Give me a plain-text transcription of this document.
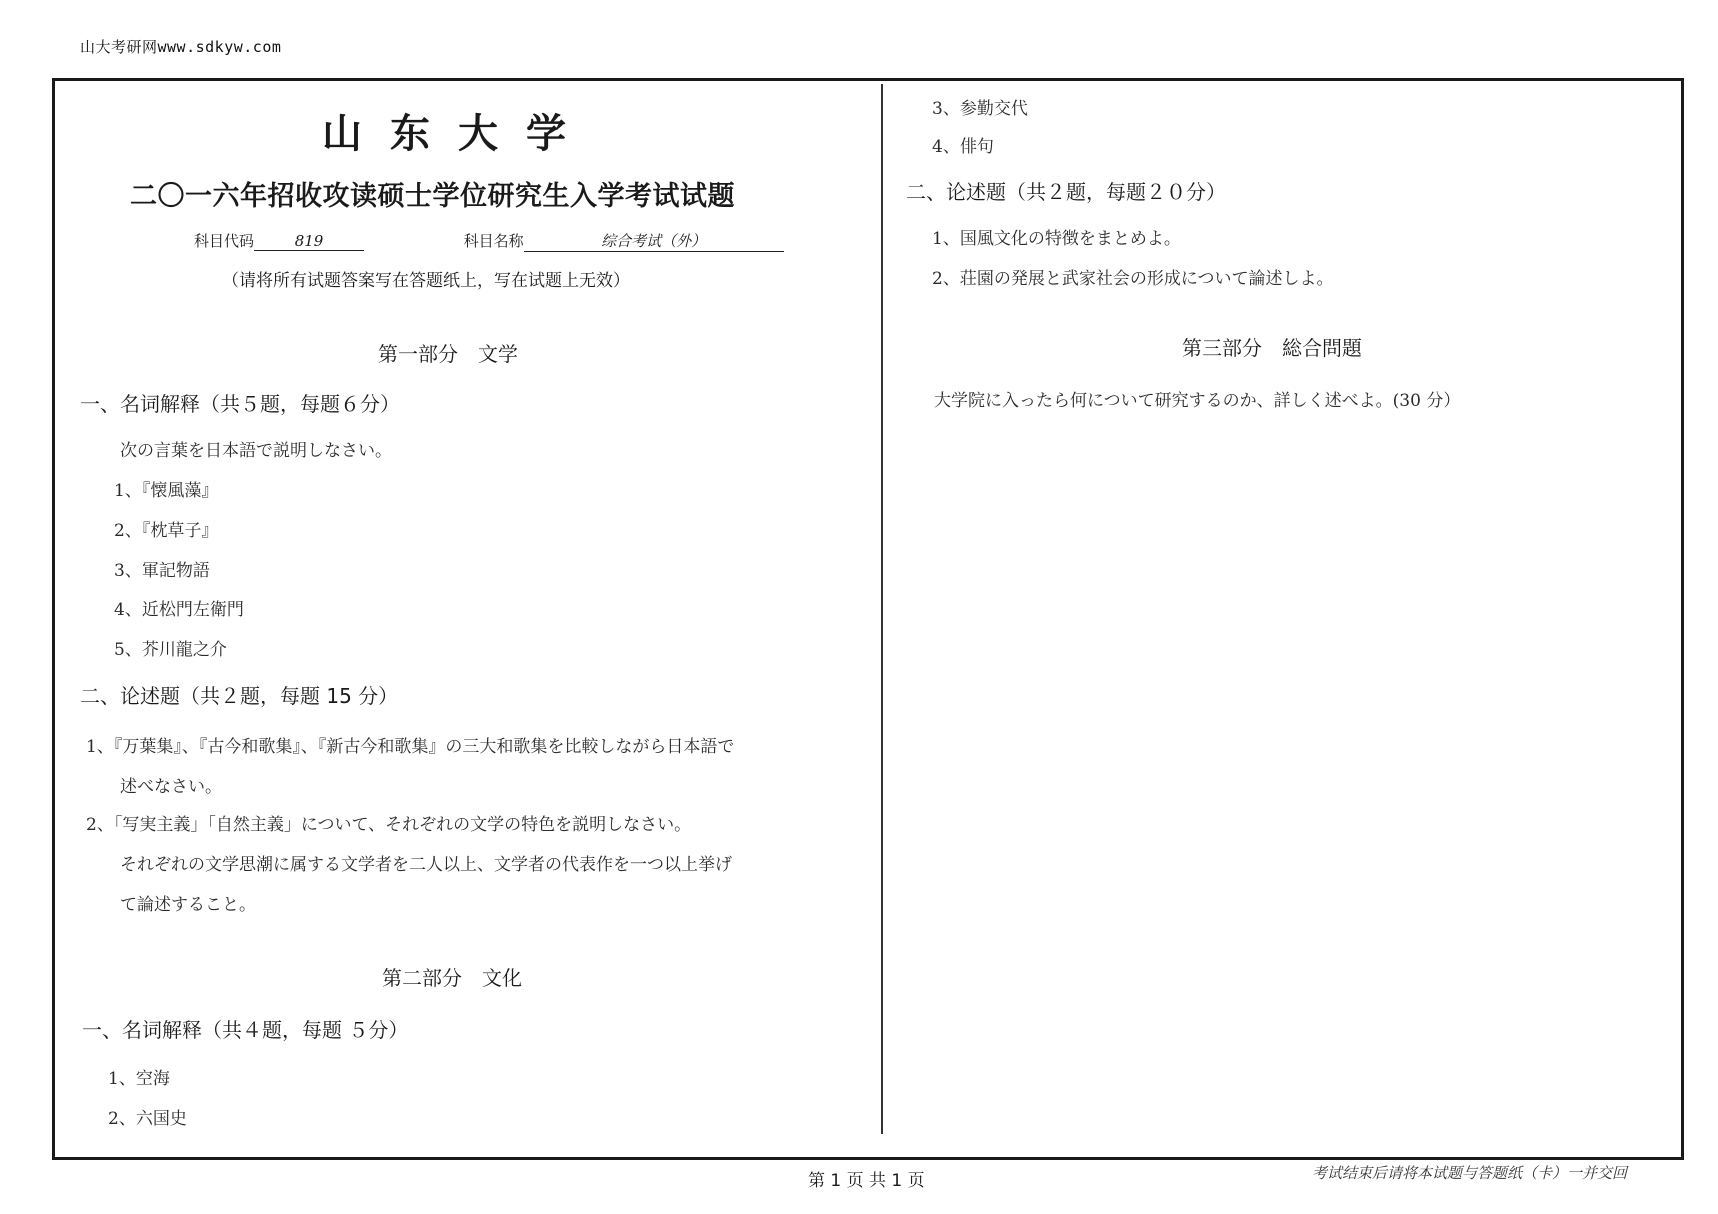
山大考研网www.sdkyw.com
山东大学
二〇一六年招收攻读硕士学位研究生入学考试试题
科目代码	819	科目名称	综合考试（外）
（请将所有试题答案写在答题纸上，写在试题上无效）
第一部分　文学
一、名词解释（共５题，每题６分）
次の言葉を日本語で説明しなさい。
1、『懐風藻』
2、『枕草子』
3、軍記物語
4、近松門左衛門
5、芥川龍之介
二、论述题（共２题，每题 15 分）
1、『万葉集』、『古今和歌集』、『新古今和歌集』の三大和歌集を比較しながら日本語で
述べなさい。
2、「写実主義」「自然主義」について、それぞれの文学の特色を説明しなさい。
それぞれの文学思潮に属する文学者を二人以上、文学者の代表作を一つ以上挙げ
て論述すること。
第二部分　文化
一、名词解释（共４题，每题 ５分）
1、空海
2、六国史
3、参勤交代
4、俳句
二、论述题（共２题，每题２０分）
1、国風文化の特徴をまとめよ。
2、荘園の発展と武家社会の形成について論述しよ。
第三部分　総合問題
大学院に入ったら何について研究するのか、詳しく述べよ。(30 分）
第 1 页 共 1 页	考试结束后请将本试题与答题纸（卡）一并交回
